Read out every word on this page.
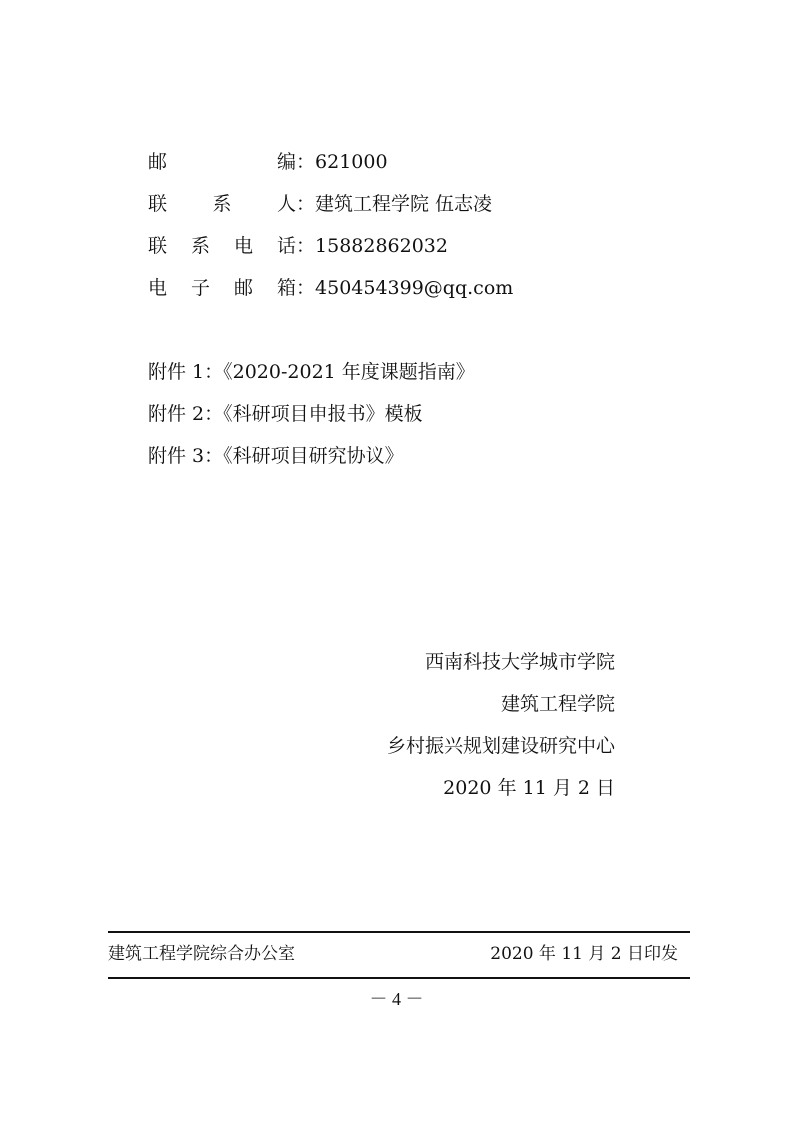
邮	编 ： 621000
联 系 人 ： 建筑工程学院 伍志凌
联 系 电 话 ： 15882862032
电 子 邮 箱 ： 450454399@qq.com
附件 1：《2020-2021 年度课题指南》
附件 2：《科研项目申报书》模板
附件 3：《科研项目研究协议》
西南科技大学城市学院
建筑工程学院
乡村振兴规划建设研究中心
2020 年 11 月 2 日
建筑工程学院综合办公室	2020 年 11 月 2 日印发
－ 4 －
